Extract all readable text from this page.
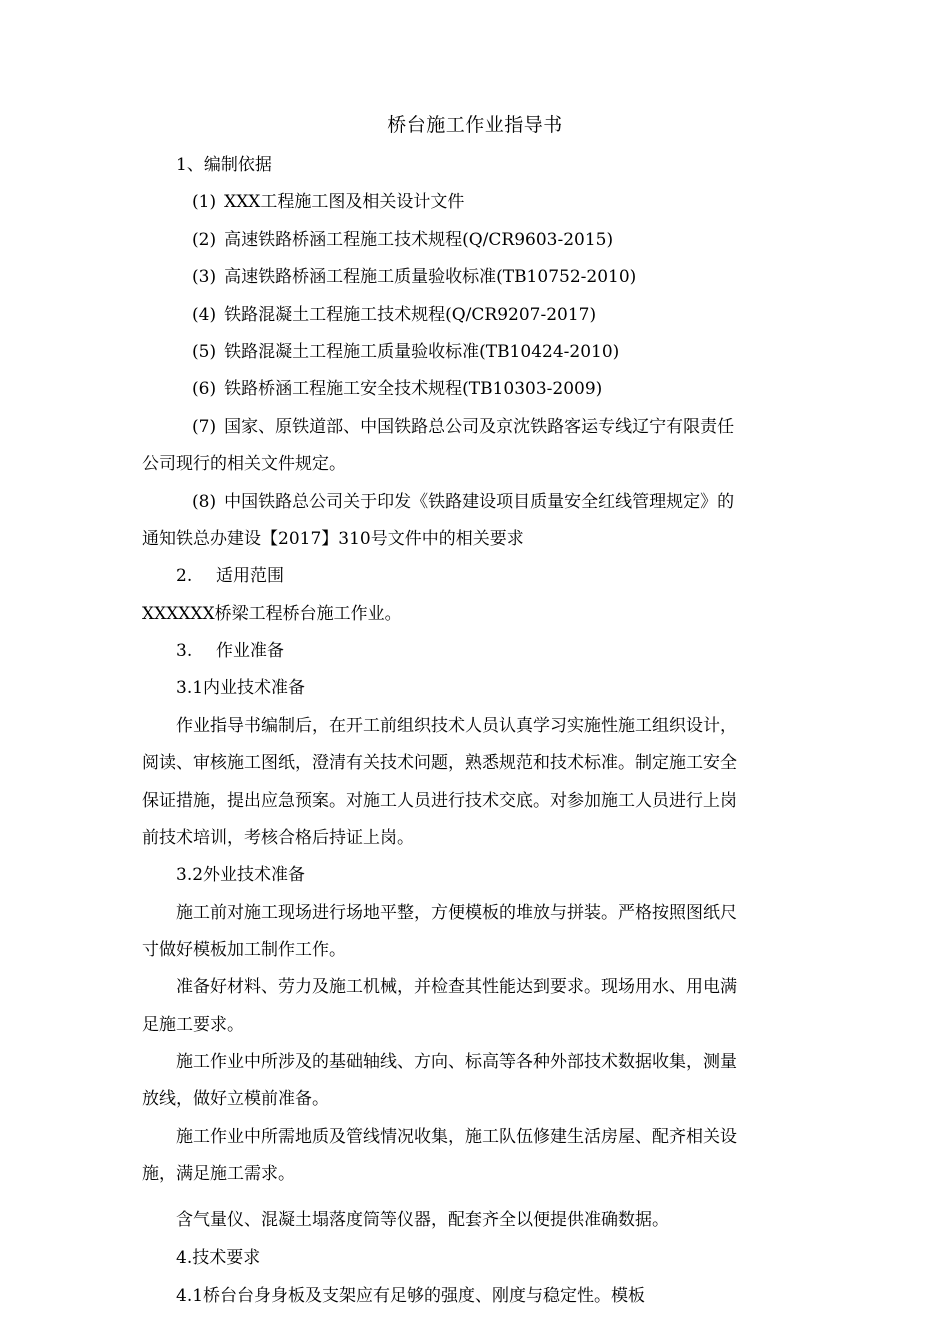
桥台施工作业指导书
1、编制依据
(1) XXX工程施工图及相关设计文件
(2) 高速铁路桥涵工程施工技术规程(Q/CR9603-2015)
(3) 高速铁路桥涵工程施工质量验收标准(TB10752-2010)
(4) 铁路混凝土工程施工技术规程(Q/CR9207-2017)
(5) 铁路混凝土工程施工质量验收标准(TB10424-2010)
(6) 铁路桥涵工程施工安全技术规程(TB10303-2009)
(7) 国家、原铁道部、中国铁路总公司及京沈铁路客运专线辽宁有限责任
公司现行的相关文件规定。
(8) 中国铁路总公司关于印发《铁路建设项目质量安全红线管理规定》的
通知铁总办建设【2017】310号文件中的相关要求
2. 适用范围
XXXXXX桥梁工程桥台施工作业。
3. 作业准备
3.1内业技术准备
作业指导书编制后，在开工前组织技术人员认真学习实施性施工组织设计，
阅读、审核施工图纸，澄清有关技术问题，熟悉规范和技术标准。制定施工安全
保证措施，提出应急预案。对施工人员进行技术交底。对参加施工人员进行上岗
前技术培训，考核合格后持证上岗。
3.2外业技术准备
施工前对施工现场进行场地平整，方便模板的堆放与拼装。严格按照图纸尺
寸做好模板加工制作工作。
准备好材料、劳力及施工机械，并检查其性能达到要求。现场用水、用电满
足施工要求。
施工作业中所涉及的基础轴线、方向、标高等各种外部技术数据收集，测量
放线，做好立模前准备。
施工作业中所需地质及管线情况收集，施工队伍修建生活房屋、配齐相关设
施，满足施工需求。
含气量仪、混凝土塌落度筒等仪器，配套齐全以便提供准确数据。
4.技术要求
4.1桥台台身身板及支架应有足够的强度、刚度与稳定性。模板
